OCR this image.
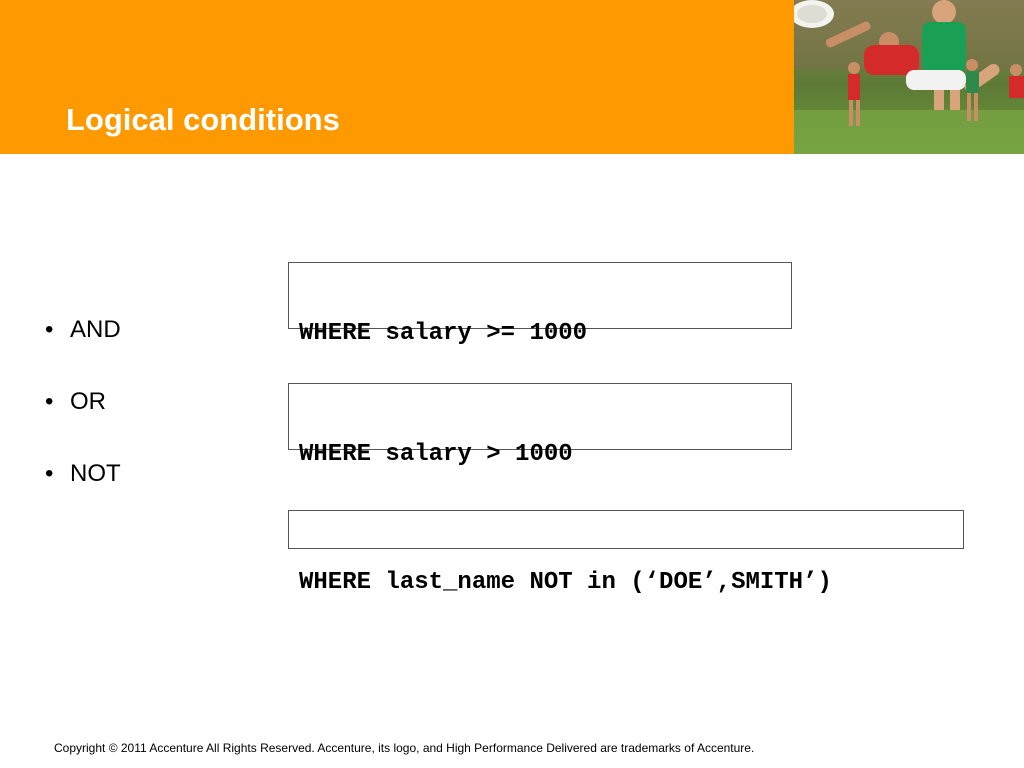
Logical conditions
• AND
• OR
• NOT

WHERE salary >= 1000

WHERE salary > 1000

WHERE last_name NOT in (‘DOE’,SMITH’)

Copyright © 2011 Accenture All Rights Reserved. Accenture, its logo, and High Performance Delivered are trademarks of Accenture.
